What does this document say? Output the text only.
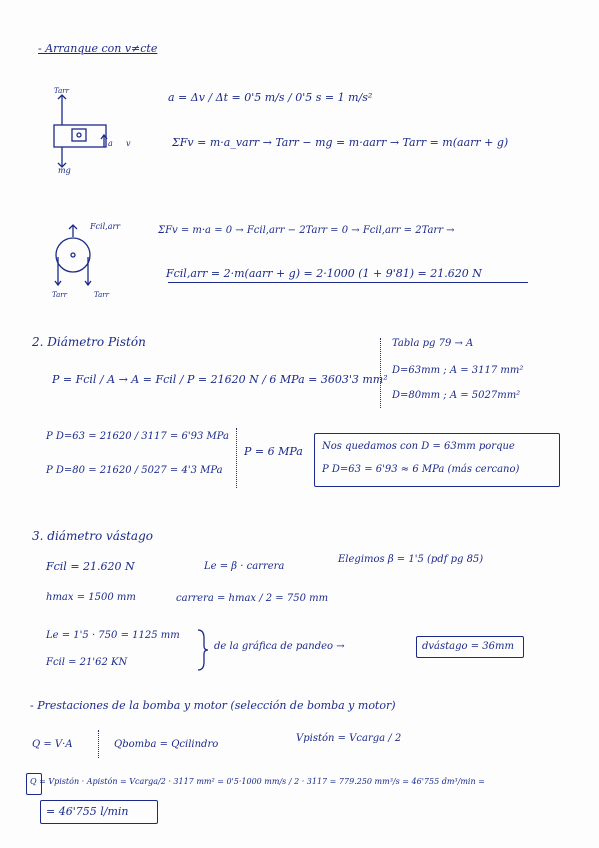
- Arranque con v≠cte
Tarr
a v
mg
a = Δv / Δt = 0'5 m/s / 0'5 s = 1 m/s²
ΣFv = m·a_varr → Tarr − mg = m·aarr → Tarr = m(aarr + g)
Fcil,arr
Tarr	Tarr
ΣFv = m·a = 0 → Fcil,arr − 2Tarr = 0 → Fcil,arr = 2Tarr →
Fcil,arr = 2·m(aarr + g) = 2·1000 (1 + 9'81) = 21.620 N
2. Diámetro Pistón
P = Fcil / A → A = Fcil / P = 21620 N / 6 MPa = 3603'3 mm²
Tabla pg 79 → A
D=63mm ; A = 3117 mm²
D=80mm ; A = 5027mm²
P D=63 = 21620 / 3117 = 6'93 MPa
P D=80 = 21620 / 5027 = 4'3 MPa
P = 6 MPa Nos quedamos con D = 63mm porque
P D=63 = 6'93 ≈ 6 MPa (más cercano)
3. diámetro vástago
Fcil = 21.620 N	Le = β · carrera
Elegimos β = 1'5 (pdf pg 85)
hmax = 1500 mm	carrera = hmax / 2 = 750 mm
Le = 1'5 · 750 = 1125 mm
Fcil = 21'62 KN
de la gráfica de pandeo →	dvástago = 36mm
- Prestaciones de la bomba y motor (selección de bomba y motor)
Q = V·A	Qbomba = Qcilindro
Vpistón = Vcarga / 2
Q = Vpistón · Apistón = Vcarga/2 · 3117 mm² = 0'5·1000 mm/s / 2 · 3117 = 779.250 mm³/s = 46'755 dm³/min =
= 46'755 l/min
